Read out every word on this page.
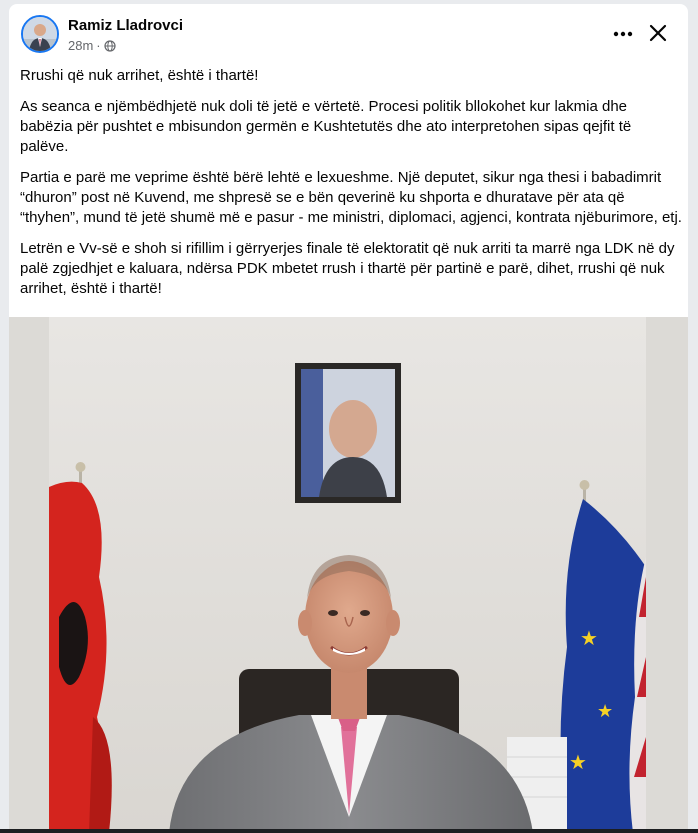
Ramiz Lladrovci
28m ·

Rrushi që nuk arrihet, është i thartë!

As seanca e njëmbëdhjetë nuk doli të jetë e vërtetë. Procesi politik bllokohet kur lakmia dhe babëzia për pushtet e mbisundon germën e Kushtetutës dhe ato interpretohen sipas qejfit të palëve.

Partia e parë me veprime është bërë lehtë e lexueshme. Një deputet, sikur nga thesi i babadimrit “dhuron” post në Kuvend, me shpresë se e bën qeverinë ku shporta e dhuratave për ata që “thyhen”, mund të jetë shumë më e pasur - me ministri, diplomaci, agjenci, kontrata njëburimore, etj.

Letrën e Vv-së e shoh si rifillim i gërryerjes finale të elektoratit që nuk arriti ta marrë nga LDK në dy palë zgjedhjet e kaluara, ndërsa PDK mbetet rrush i thartë për partinë e parë, dihet, rrushi që nuk arrihet, është i thartë!

★
★
★
